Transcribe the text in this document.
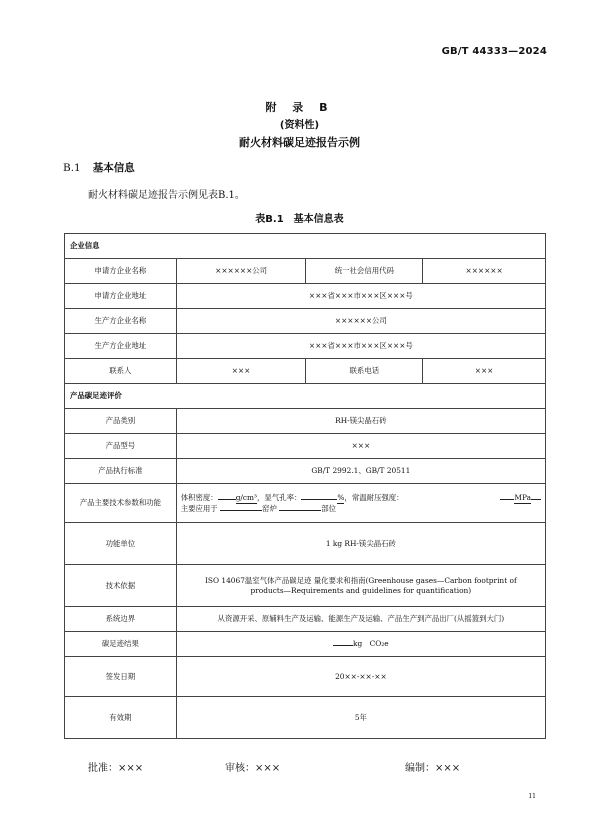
GB/T 44333—2024
附 录 B
(资料性)
耐火材料碳足迹报告示例
B.1 基本信息
耐火材料碳足迹报告示例见表B.1。
表B.1　基本信息表
企业信息			
申请方企业名称	××××××公司	统一社会信用代码	××××××
申请方企业地址	×××省×××市×××区×××号		
生产方企业名称	××××××公司		
生产方企业地址	×××省×××市×××区×××号		
联系人	×××	联系电话	×××
产品碳足迹评价			
产品类别	RH-镁尖晶石砖		
产品型号	×××		
产品执行标准	GB/T 2992.1、GB/T 20511		
产品主要技术参数和功能	体积密度： g/cm³，显气孔率： %，常温耐压强度： MPa
主要应用于 窑炉 部位		

功能单位	1 kg RH-镁尖晶石砖		
技术依据	ISO 14067温室气体产品碳足迹 量化要求和指南(Greenhouse gases—Carbon footprint of products—Requirements and guidelines for quantification)		
系统边界	从资源开采、原辅料生产及运输、能源生产及运输、产品生产到产品出厂(从摇篮到大门)		
碳足迹结果	kg　CO₂e		
签发日期	20××-××-××		
有效期	5年		
批准：×××	审核：×××	编制：×××
11
